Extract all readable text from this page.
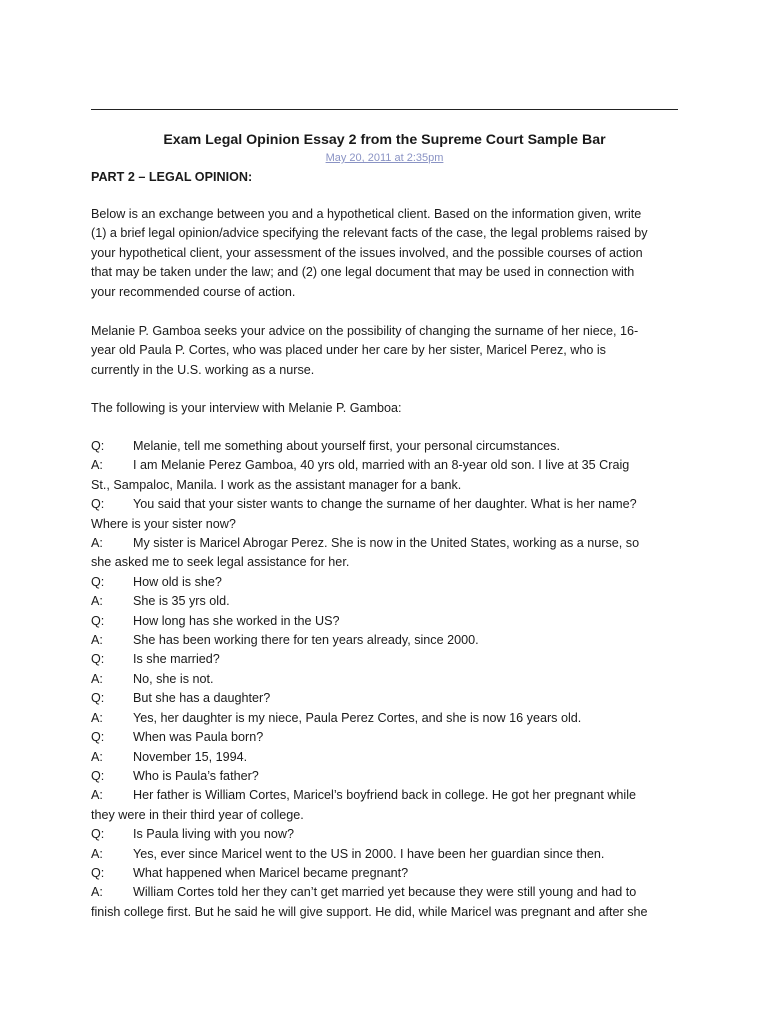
Exam Legal Opinion Essay 2 from the Supreme Court Sample Bar
May 20, 2011 at 2:35pm
PART 2 – LEGAL OPINION:
Below is an exchange between you and a hypothetical client. Based on the information given, write
(1) a brief legal opinion/advice specifying the relevant facts of the case, the legal problems raised by
your hypothetical client, your assessment of the issues involved, and the possible courses of action
that may be taken under the law; and (2) one legal document that may be used in connection with
your recommended course of action.
Melanie P. Gamboa seeks your advice on the possibility of changing the surname of her niece, 16-
year old Paula P. Cortes, who was placed under her care by her sister, Maricel Perez, who is
currently in the U.S. working as a nurse.
The following is your interview with Melanie P. Gamboa:
Q: Melanie, tell me something about yourself first, your personal circumstances.
A: I am Melanie Perez Gamboa, 40 yrs old, married with an 8-year old son. I live at 35 Craig
St., Sampaloc, Manila. I work as the assistant manager for a bank.
Q: You said that your sister wants to change the surname of her daughter. What is her name?
Where is your sister now?
A: My sister is Maricel Abrogar Perez. She is now in the United States, working as a nurse, so
she asked me to seek legal assistance for her.
Q: How old is she?
A: She is 35 yrs old.
Q: How long has she worked in the US?
A: She has been working there for ten years already, since 2000.
Q: Is she married?
A: No, she is not.
Q: But she has a daughter?
A: Yes, her daughter is my niece, Paula Perez Cortes, and she is now 16 years old.
Q: When was Paula born?
A: November 15, 1994.
Q: Who is Paula’s father?
A: Her father is William Cortes, Maricel’s boyfriend back in college. He got her pregnant while
they were in their third year of college.
Q: Is Paula living with you now?
A: Yes, ever since Maricel went to the US in 2000. I have been her guardian since then.
Q: What happened when Maricel became pregnant?
A: William Cortes told her they can’t get married yet because they were still young and had to
finish college first. But he said he will give support. He did, while Maricel was pregnant and after she
